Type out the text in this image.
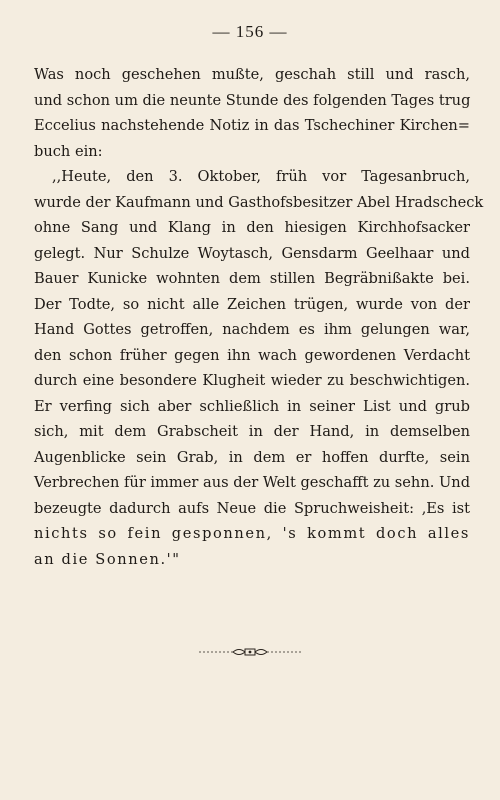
— 156 —
Was noch geschehen mußte, geschah still und rasch,
und schon um die neunte Stunde des folgenden Tages trug
Eccelius nachstehende Notiz in das Tschechiner Kirchen=
buch ein:
,,Heute, den 3. Oktober, früh vor Tagesanbruch,
wurde der Kaufmann und Gasthofsbesitzer Abel Hradscheck
ohne Sang und Klang in den hiesigen Kirchhofsacker
gelegt. Nur Schulze Woytasch, Gensdarm Geelhaar und
Bauer Kunicke wohnten dem stillen Begräbnißakte bei.
Der Todte, so nicht alle Zeichen trügen, wurde von der
Hand Gottes getroffen, nachdem es ihm gelungen war,
den schon früher gegen ihn wach gewordenen Verdacht
durch eine besondere Klugheit wieder zu beschwichtigen.
Er verfing sich aber schließlich in seiner List und grub
sich, mit dem Grabscheit in der Hand, in demselben
Augenblicke sein Grab, in dem er hoffen durfte, sein
Verbrechen für immer aus der Welt geschafft zu sehn. Und
bezeugte dadurch aufs Neue die Spruchweisheit: ‚Es ist
nichts so fein gesponnen, 's kommt doch alles
an die Sonnen.'"
